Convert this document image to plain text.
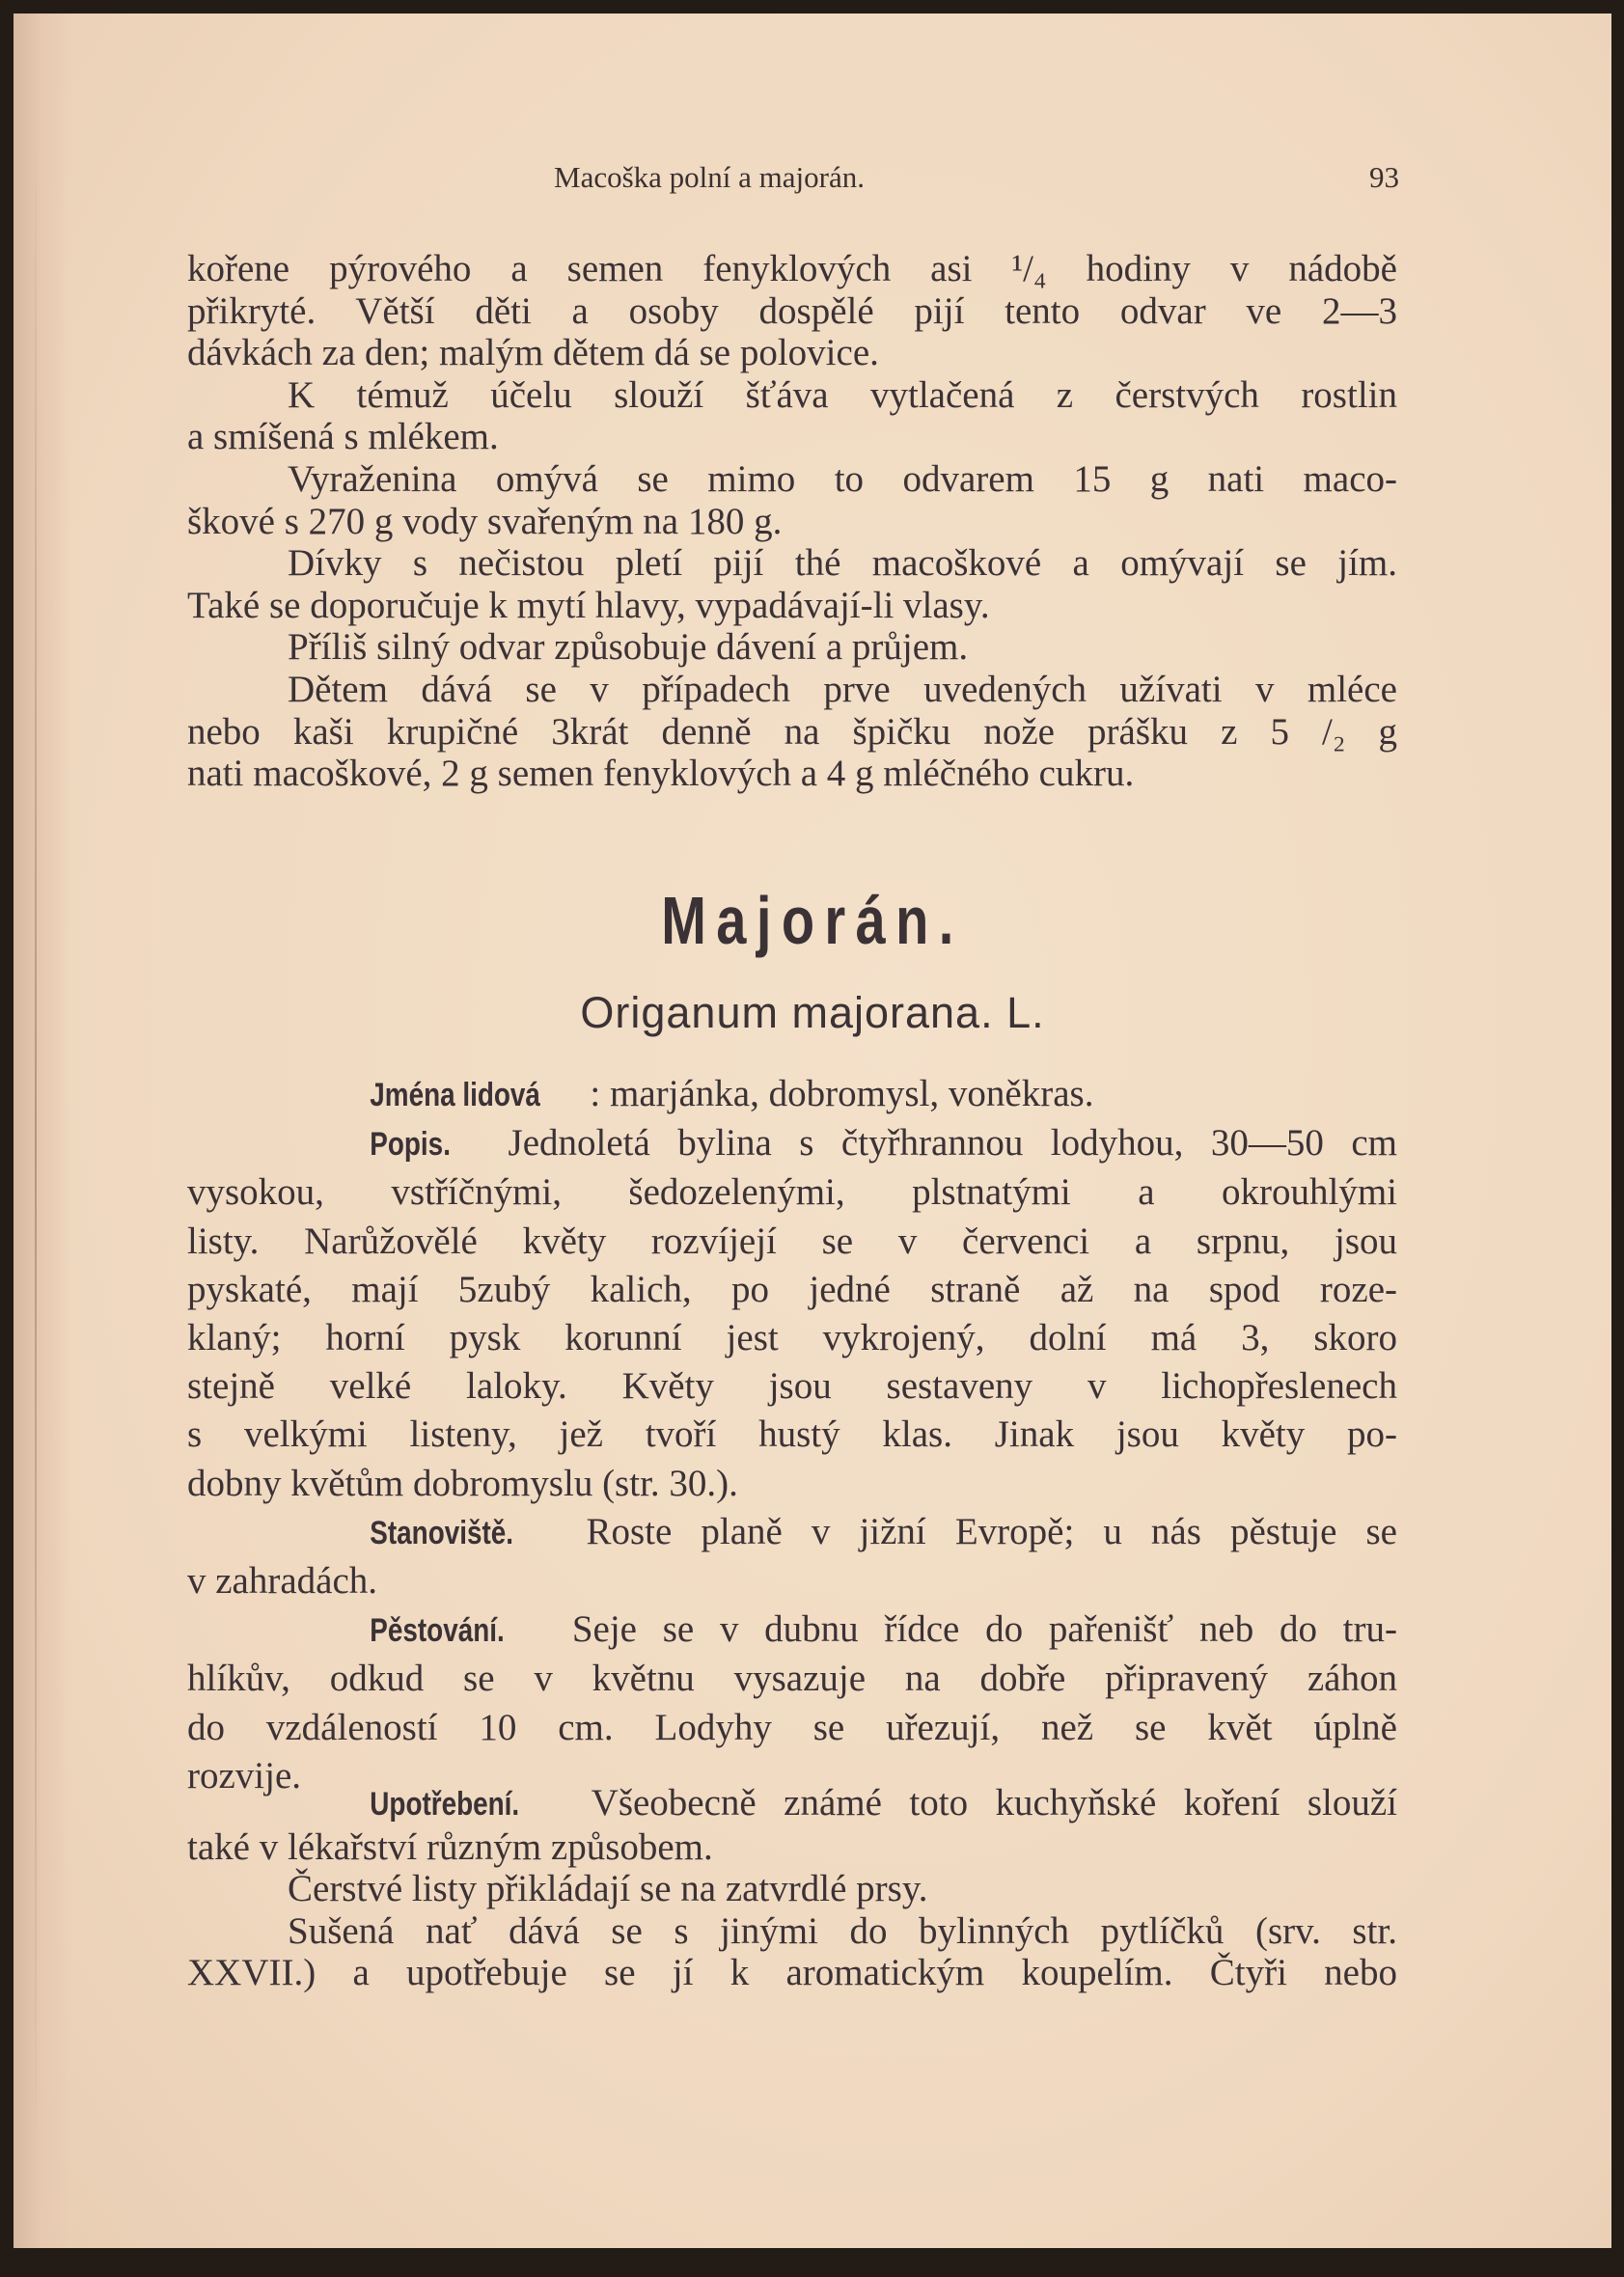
Macoška polní a majorán.	93

kořene pýrového a semen fenyklových asi ¹/₄ hodiny v nádobě

přikryté. Větší děti a osoby dospělé pijí tento odvar ve 2—3

dávkách za den; malým dětem dá se polovice.

K témuž účelu slouží šťáva vytlačená z čerstvých rostlin

a smíšená s mlékem.

Vyraženina omývá se mimo to odvarem 15 g nati maco-

škové s 270 g vody svařeným na 180 g.

Dívky s nečistou pletí pijí thé macoškové a omývají se jím.

Také se doporučuje k mytí hlavy, vypadávají-li vlasy.

Příliš silný odvar způsobuje dávení a průjem.

Dětem dává se v případech prve uvedených užívati v mléce

nebo kaši krupičné 3krát denně na špičku nože prášku z 5 /₂ g

nati macoškové, 2 g semen fenyklových a 4 g mléčného cukru.

Majorán.
Origanum majorana. L.

Jména lidová : marjánka, dobromysl, voněkras.

Popis. Jednoletá bylina s čtyřhrannou lodyhou, 30—50 cm

vysokou, vstříčnými, šedozelenými, plstnatými a okrouhlými

listy. Narůžovělé květy rozvíjejí se v červenci a srpnu, jsou

pyskaté, mají 5zubý kalich, po jedné straně až na spod roze-

klaný; horní pysk korunní jest vykrojený, dolní má 3, skoro

stejně velké laloky. Květy jsou sestaveny v lichopřeslenech

s velkými listeny, jež tvoří hustý klas. Jinak jsou květy po-

dobny květům dobromyslu (str. 30.).

Stanoviště. Roste planě v jižní Evropě; u nás pěstuje se

v zahradách.

Pěstování. Seje se v dubnu řídce do pařenišť neb do tru-

hlíkův, odkud se v květnu vysazuje na dobře připravený záhon

do vzdáleností 10 cm. Lodyhy se uřezují, než se květ úplně

rozvije.

Upotřebení. Všeobecně známé toto kuchyňské koření slouží

také v lékařství různým způsobem.

Čerstvé listy přikládají se na zatvrdlé prsy.

Sušená nať dává se s jinými do bylinných pytlíčků (srv. str.

XXVII.) a upotřebuje se jí k aromatickým koupelím. Čtyři nebo
